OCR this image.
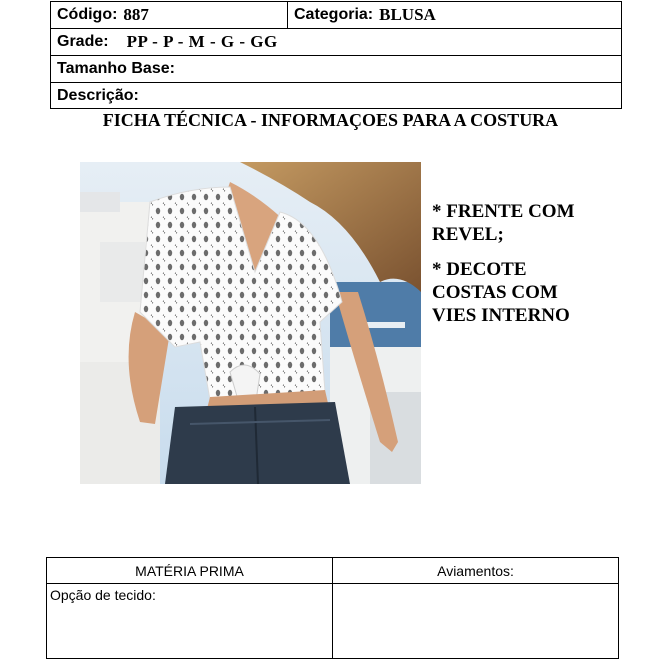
Código: 887	Categoria: BLUSA
Grade: PP - P - M - G - GG
Tamanho Base:
Descrição:
FICHA TÉCNICA - INFORMAÇOES PARA A COSTURA
* FRENTE COM
REVEL;
* DECOTE
COSTAS COM
VIES INTERNO
MATÉRIA PRIMA	Aviamentos:
Opção de tecido:
